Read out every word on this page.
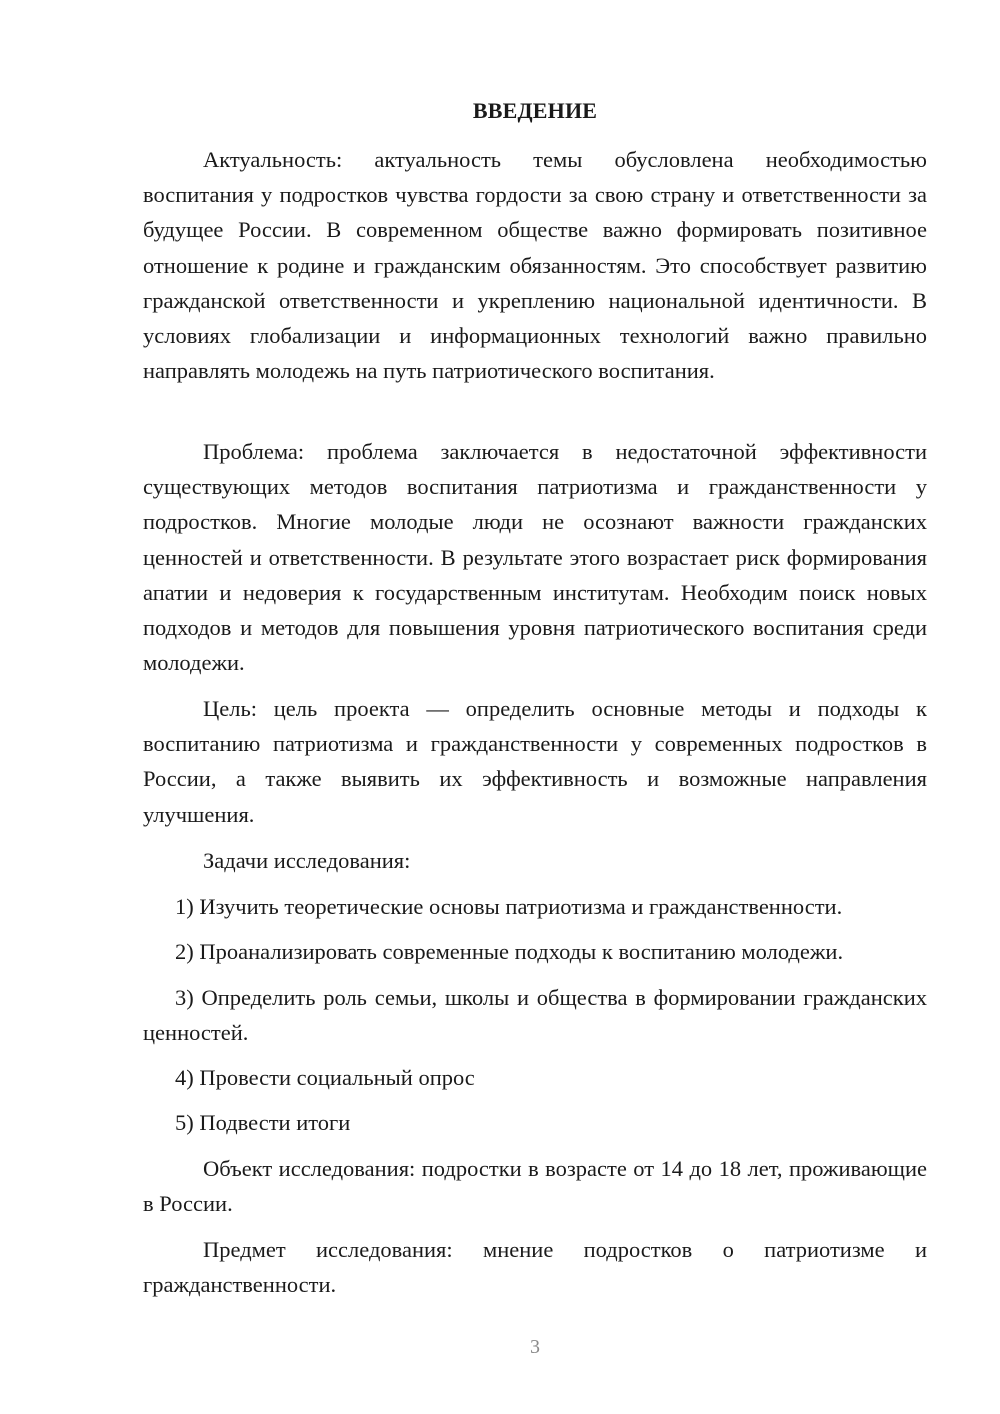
ВВЕДЕНИЕ

Актуальность: актуальность темы обусловлена необходимостью воспитания у подростков чувства гордости за свою страну и ответственности за будущее России. В современном обществе важно формировать позитивное отношение к родине и гражданским обязанностям. Это способствует развитию гражданской ответственности и укреплению национальной идентичности. В условиях глобализации и информационных технологий важно правильно направлять молодежь на путь патриотического воспитания.

Проблема: проблема заключается в недостаточной эффективности существующих методов воспитания патриотизма и гражданственности у подростков. Многие молодые люди не осознают важности гражданских ценностей и ответственности. В результате этого возрастает риск формирования апатии и недоверия к государственным институтам. Необходим поиск новых подходов и методов для повышения уровня патриотического воспитания среди молодежи.

Цель: цель проекта — определить основные методы и подходы к воспитанию патриотизма и гражданственности у современных подростков в России, а также выявить их эффективность и возможные направления улучшения.

Задачи исследования:

1) Изучить теоретические основы патриотизма и гражданственности.

2) Проанализировать современные подходы к воспитанию молодежи.

3) Определить роль семьи, школы и общества в формировании гражданских ценностей.

4) Провести социальный опрос

5) Подвести итоги

Объект исследования: подростки в возрасте от 14 до 18 лет, проживающие в России.

Предмет исследования: мнение подростков о патриотизме и гражданственности.

3
